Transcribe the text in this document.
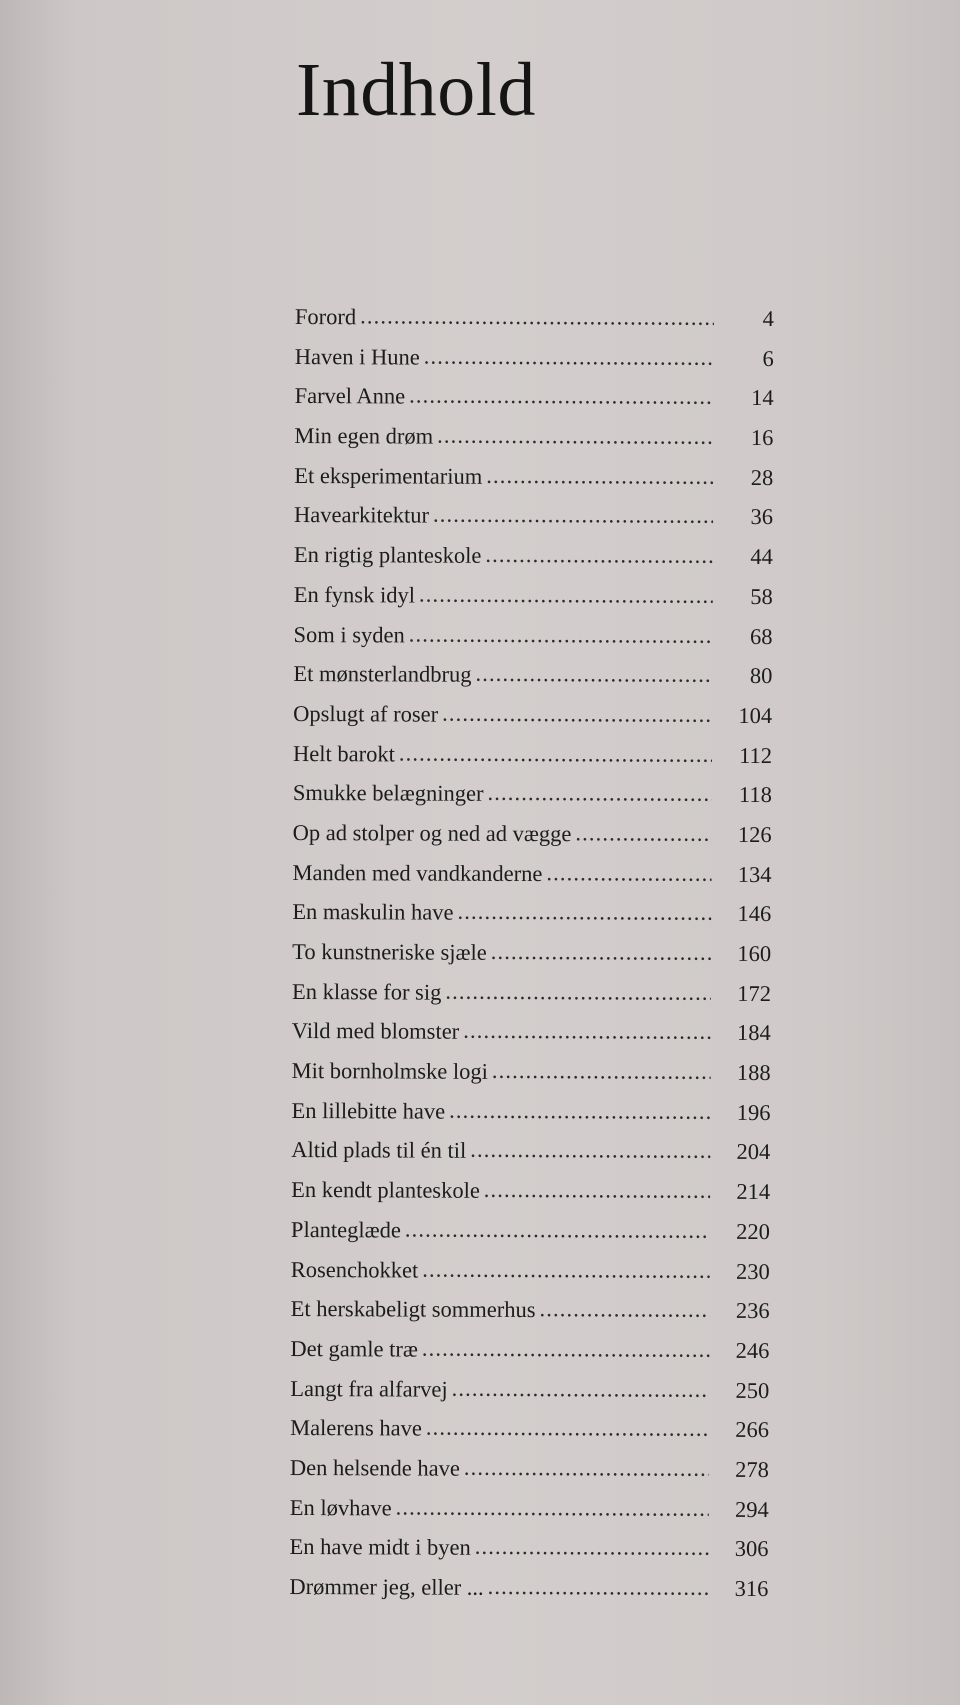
Indhold
Forord . . .	4
Haven i Hune . . .	6
Farvel Anne . . .	14
Min egen drøm . . .	16
Et eksperimentarium . . .	28
Havearkitektur . . .	36
En rigtig planteskole . . .	44
En fynsk idyl . . .	58
Som i syden . . .	68
Et mønsterlandbrug . . .	80
Opslugt af roser . . .	104
Helt barokt . . .	112
Smukke belægninger . . .	118
Op ad stolper og ned ad vægge . . .	126
Manden med vandkanderne . . .	134
En maskulin have . . .	146
To kunstneriske sjæle . . .	160
En klasse for sig . . .	172
Vild med blomster . . .	184
Mit bornholmske logi . . .	188
En lillebitte have . . .	196
Altid plads til én til . . .	204
En kendt planteskole . . .	214
Planteglæde . . .	220
Rosenchokket . . .	230
Et herskabeligt sommerhus . . .	236
Det gamle træ . . .	246
Langt fra alfarvej . . .	250
Malerens have . . .	266
Den helsende have . . .	278
En løvhave . . .	294
En have midt i byen . . .	306
Drømmer jeg, eller ... . . .	316
